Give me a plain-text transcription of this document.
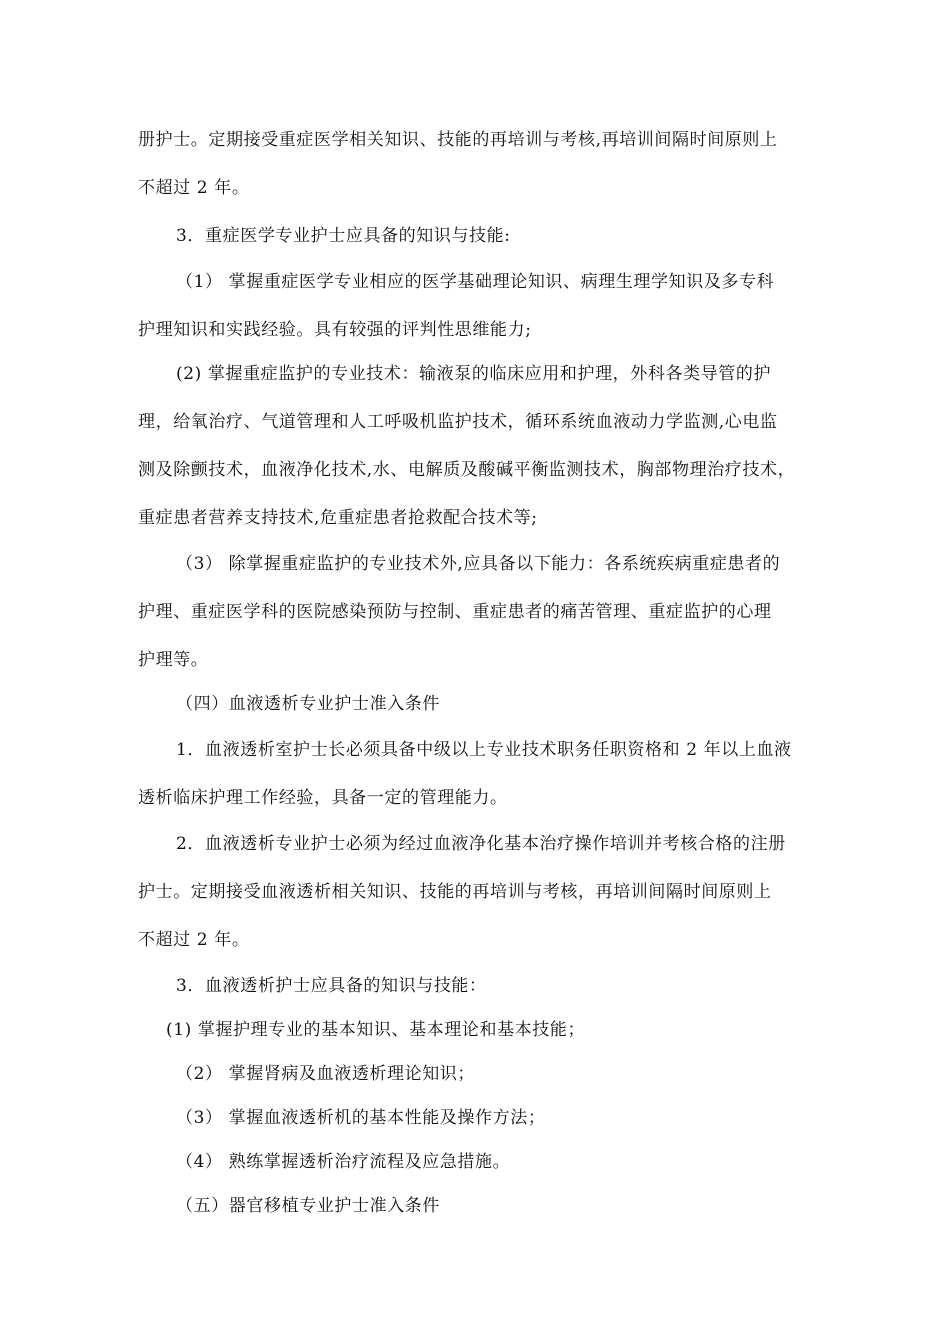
册护士。定期接受重症医学相关知识、技能的再培训与考核,再培训间隔时间原则上
不超过 2 年。
3．重症医学专业护士应具备的知识与技能:
（1） 掌握重症医学专业相应的医学基础理论知识、病理生理学知识及多专科
护理知识和实践经验。具有较强的评判性思维能力;
(2) 掌握重症监护的专业技术：输液泵的临床应用和护理，外科各类导管的护
理，给氧治疗、气道管理和人工呼吸机监护技术，循环系统血液动力学监测,心电监
测及除颤技术，血液净化技术,水、电解质及酸碱平衡监测技术，胸部物理治疗技术，
重症患者营养支持技术,危重症患者抢救配合技术等;
（3） 除掌握重症监护的专业技术外,应具备以下能力：各系统疾病重症患者的
护理、重症医学科的医院感染预防与控制、重症患者的痛苦管理、重症监护的心理
护理等。
（四）血液透析专业护士准入条件
1．血液透析室护士长必须具备中级以上专业技术职务任职资格和 2 年以上血液
透析临床护理工作经验，具备一定的管理能力。
2．血液透析专业护士必须为经过血液净化基本治疗操作培训并考核合格的注册
护士。定期接受血液透析相关知识、技能的再培训与考核，再培训间隔时间原则上
不超过 2 年。
3．血液透析护士应具备的知识与技能：
(1) 掌握护理专业的基本知识、基本理论和基本技能；
（2） 掌握肾病及血液透析理论知识；
（3） 掌握血液透析机的基本性能及操作方法；
（4） 熟练掌握透析治疗流程及应急措施。
（五）器官移植专业护士准入条件
